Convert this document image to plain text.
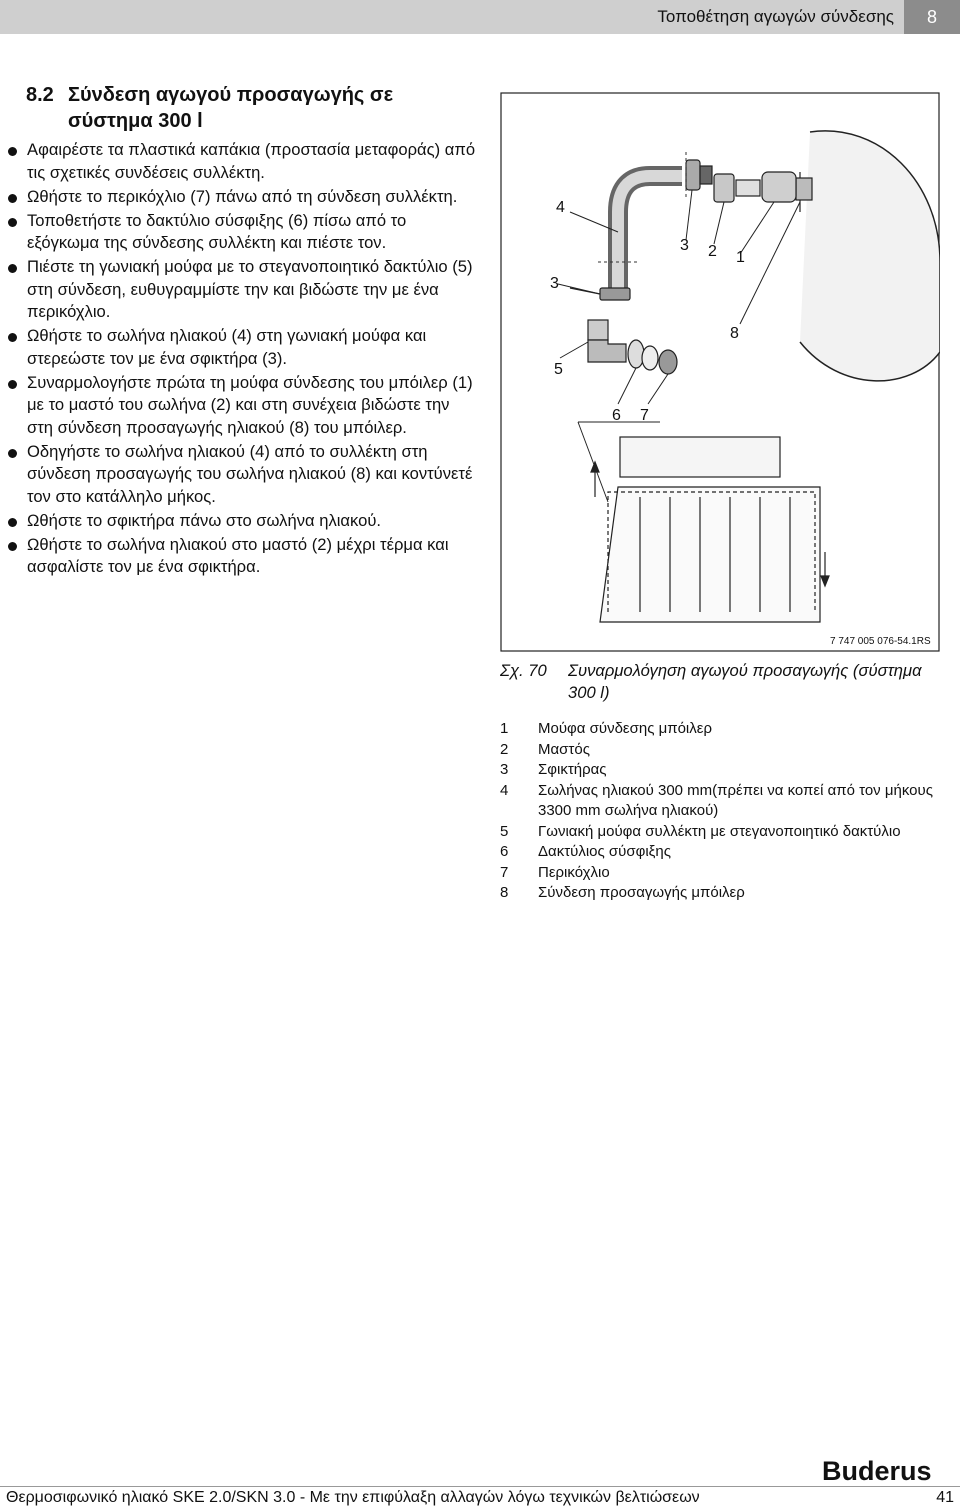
Τοποθέτηση αγωγών σύνδεσης	8
8.2 Σύνδεση αγωγού προσαγωγής σε σύστημα 300 l
Αφαιρέστε τα πλαστικά καπάκια (προστασία μεταφοράς) από τις σχετικές συνδέσεις συλλέκτη.
Ωθήστε το περικόχλιο (7) πάνω από τη σύνδεση συλλέκτη.
Τοποθετήστε το δακτύλιο σύσφιξης (6) πίσω από το εξόγκωμα της σύνδεσης συλλέκτη και πιέστε τον.
Πιέστε τη γωνιακή μούφα με το στεγανοποιητικό δακτύλιο (5) στη σύνδεση, ευθυγραμμίστε την και βιδώστε την με ένα περικόχλιο.
Ωθήστε το σωλήνα ηλιακού (4) στη γωνιακή μούφα και στερεώστε τον με ένα σφικτήρα (3).
Συναρμολογήστε πρώτα τη μούφα σύνδεσης του μπόιλερ (1) με το μαστό του σωλήνα (2) και στη συνέχεια βιδώστε την στη σύνδεση προσαγωγής ηλιακού (8) του μπόιλερ.
Οδηγήστε το σωλήνα ηλιακού (4) από το συλλέκτη στη σύνδεση προσαγωγής του σωλήνα ηλιακού (8) και κοντύνετέ τον στο κατάλληλο μήκος.
Ωθήστε το σφικτήρα πάνω στο σωλήνα ηλιακού.
Ωθήστε το σωλήνα ηλιακού στο μαστό (2) μέχρι τέρμα και ασφαλίστε τον με ένα σφικτήρα.
4
3
5
6 7
3 2 1
8
7 747 005 076-54.1RS
Σχ. 70	Συναρμολόγηση αγωγού προσαγωγής (σύστημα 300 l)
1	Μούφα σύνδεσης μπόιλερ
2	Μαστός
3	Σφικτήρας
4	Σωλήνας ηλιακού 300 mm(πρέπει να κοπεί από τον μήκους 3300 mm σωλήνα ηλιακού)
5	Γωνιακή μούφα συλλέκτη με στεγανοποιητικό δακτύλιο
6	Δακτύλιος σύσφιξης
7	Περικόχλιο
8	Σύνδεση προσαγωγής μπόιλερ
Buderus
Θερμοσιφωνικό ηλιακό SKE 2.0/SKN 3.0 - Με την επιφύλαξη αλλαγών λόγω τεχνικών βελτιώσεων	41
